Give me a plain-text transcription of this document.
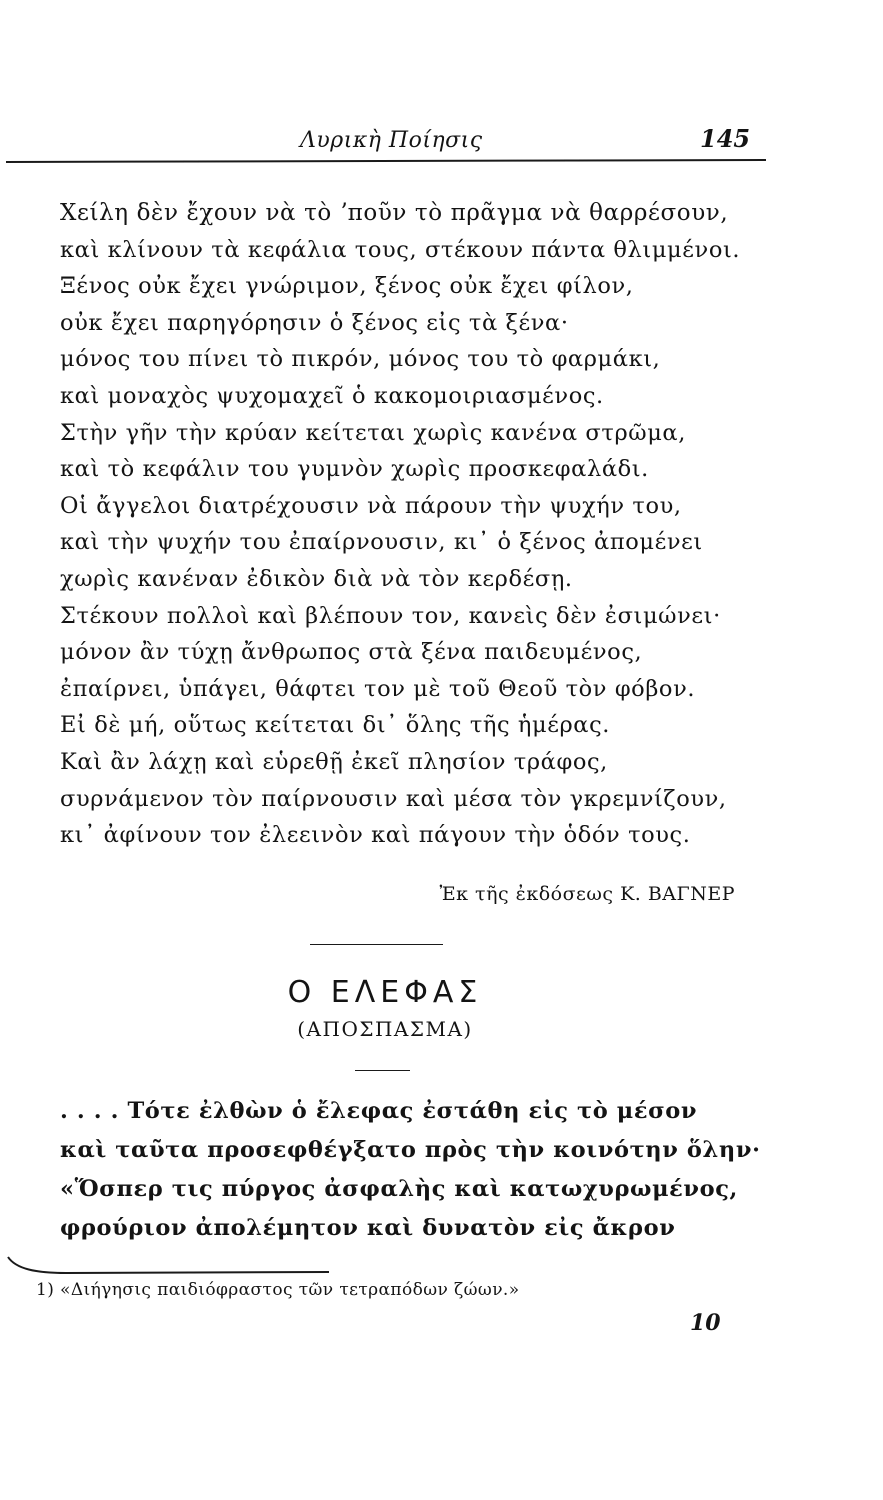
Λυρικὴ Ποίησις	145
Χείλη δὲν ἔχουν νὰ τὸ ʼποῦν τὸ πρᾶγμα νὰ θαρρέσουν,
καὶ κλίνουν τὰ κεφάλια τους, στέκουν πάντα θλιμμένοι.
Ξένος οὐκ ἔχει γνώριμον, ξένος οὐκ ἔχει φίλον,
οὐκ ἔχει παρηγόρησιν ὁ ξένος εἰς τὰ ξένα·
μόνος του πίνει τὸ πικρόν, μόνος του τὸ φαρμάκι,
καὶ μοναχὸς ψυχομαχεῖ ὁ κακομοιριασμένος.
Στὴν γῆν τὴν κρύαν κείτεται χωρὶς κανένα στρῶμα,
καὶ τὸ κεφάλιν του γυμνὸν χωρὶς προσκεφαλάδι.
Οἱ ἄγγελοι διατρέχουσιν νὰ πάρουν τὴν ψυχήν του,
καὶ τὴν ψυχήν του ἐπαίρνουσιν, κι᾽ ὁ ξένος ἀπομένει
χωρὶς κανέναν ἐδικὸν διὰ νὰ τὸν κερδέσῃ.
Στέκουν πολλοὶ καὶ βλέπουν τον, κανεὶς δὲν ἐσιμώνει·
μόνον ἂν τύχῃ ἄνθρωπος στὰ ξένα παιδευμένος,
ἐπαίρνει, ὑπάγει, θάφτει τον μὲ τοῦ Θεοῦ τὸν φόβον.
Εἰ δὲ μή, οὕτως κείτεται δι᾽ ὅλης τῆς ἡμέρας.
Καὶ ἂν λάχῃ καὶ εὑρεθῇ ἐκεῖ πλησίον τράφος,
συρνάμενον τὸν παίρνουσιν καὶ μέσα τὸν γκρεμνίζουν,
κι᾽ ἀφίνουν τον ἐλεεινὸν καὶ πάγουν τὴν ὁδόν τους.
Ἐκ τῆς ἐκδόσεως Κ. ΒΑΓΝΕΡ
Ο ΕΛΕΦΑΣ
(ΑΠΟΣΠΑΣΜΑ)
. . . . Τότε ἐλθὼν ὁ ἔλεφας ἐστάθη εἰς τὸ μέσον
καὶ ταῦτα προσεφθέγξατο πρὸς τὴν κοινότην ὅλην·
«Ὅσπερ τις πύργος ἀσφαλὴς καὶ κατωχυρωμένος,
φρούριον ἀπολέμητον καὶ δυνατὸν εἰς ἄκρον
1) «Διήγησις παιδιόφραστος τῶν τετραπόδων ζώων.»
10
